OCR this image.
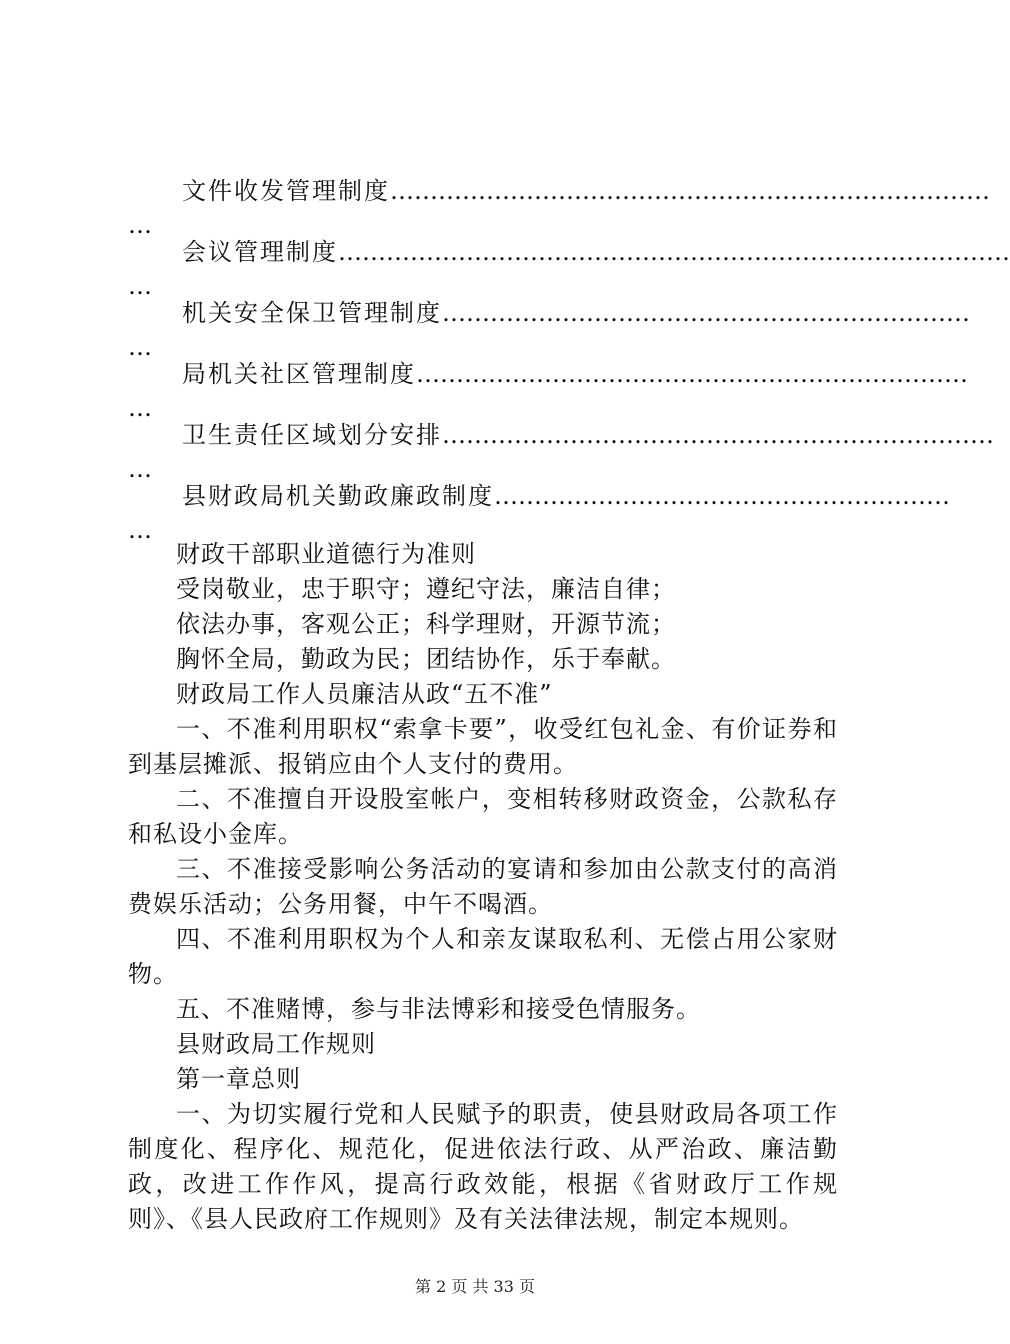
文件收发管理制度…………………………………………………………………
…
会议管理制度…………………………………………………………………………
…
机关安全保卫管理制度…………………………………………………………
…
局机关社区管理制度……………………………………………………………
…
卫生责任区域划分安排……………………………………………………………
…
县财政局机关勤政廉政制度…………………………………………………
…

财政干部职业道德行为准则

受岗敬业，忠于职守；遵纪守法，廉洁自律；

依法办事，客观公正；科学理财，开源节流；

胸怀全局，勤政为民；团结协作，乐于奉献。

财政局工作人员廉洁从政“五不准”

一、不准利用职权“索拿卡要”，收受红包礼金、有价证券和到基层摊派、报销应由个人支付的费用。

二、不准擅自开设股室帐户，变相转移财政资金，公款私存和私设小金库。

三、不准接受影响公务活动的宴请和参加由公款支付的高消费娱乐活动；公务用餐，中午不喝酒。

四、不准利用职权为个人和亲友谋取私利、无偿占用公家财物。

五、不准赌博，参与非法博彩和接受色情服务。

县财政局工作规则

第一章总则

一、为切实履行党和人民赋予的职责，使县财政局各项工作制度化、程序化、规范化，促进依法行政、从严治政、廉洁勤政，改进工作作风，提高行政效能，根据《省财政厅工作规则》、《县人民政府工作规则》及有关法律法规，制定本规则。

第 2 页 共 33 页
